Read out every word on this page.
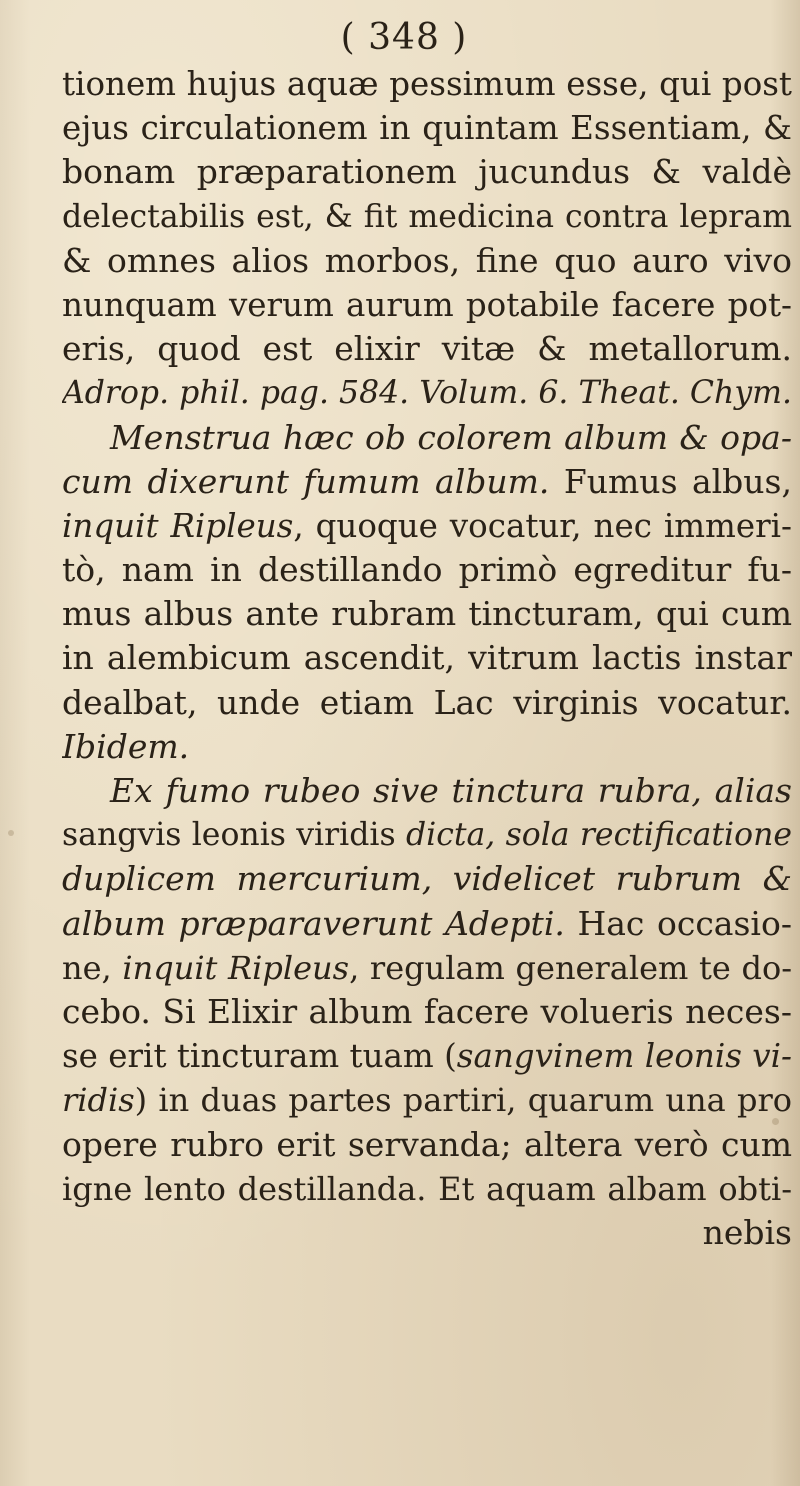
( 348 )
tionem hujus aquæ pessimum esse, qui post
ejus circulationem in quintam Essentiam, &
bonam præparationem jucundus & valdè
delectabilis est, & fit medicina contra lepram
& omnes alios morbos, fine quo auro vivo
nunquam verum aurum potabile facere pot-
eris, quod est elixir vitæ & metallorum.
Adrop. phil. pag. 584. Volum. 6. Theat. Chym.
Menstrua hæc ob colorem album & opa-
cum dixerunt fumum album. Fumus albus,
inquit Ripleus, quoque vocatur, nec immeri-
tò, nam in destillando primò egreditur fu-
mus albus ante rubram tincturam, qui cum
in alembicum ascendit, vitrum lactis instar
dealbat, unde etiam Lac virginis vocatur.
Ibidem.
Ex fumo rubeo sive tinctura rubra, alias
sangvis leonis viridis dicta, sola rectificatione
duplicem mercurium, videlicet rubrum &
album præparaverunt Adepti. Hac occasio-
ne, inquit Ripleus, regulam generalem te do-
cebo. Si Elixir album facere volueris neces-
se erit tincturam tuam (sangvinem leonis vi-
ridis) in duas partes partiri, quarum una pro
opere rubro erit servanda; altera verò cum
igne lento destillanda. Et aquam albam obti-
nebis
